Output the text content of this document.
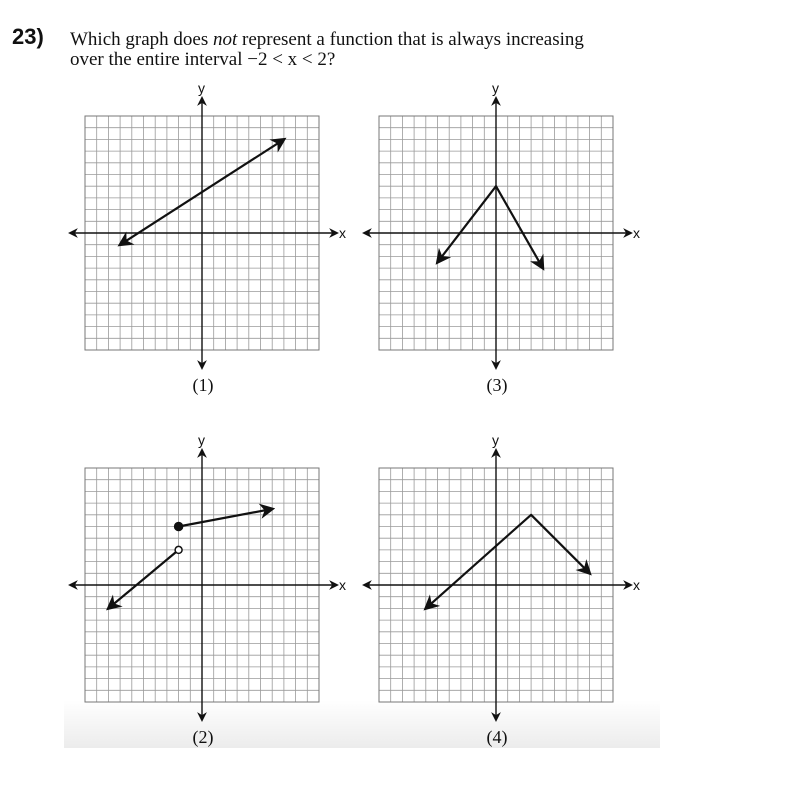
23) Which graph does not represent a function that is always increasing
over the entire interval −2 < x < 2?
x
y
(1)
x
y
(3)
x
y
(2)
x
y
(4)
